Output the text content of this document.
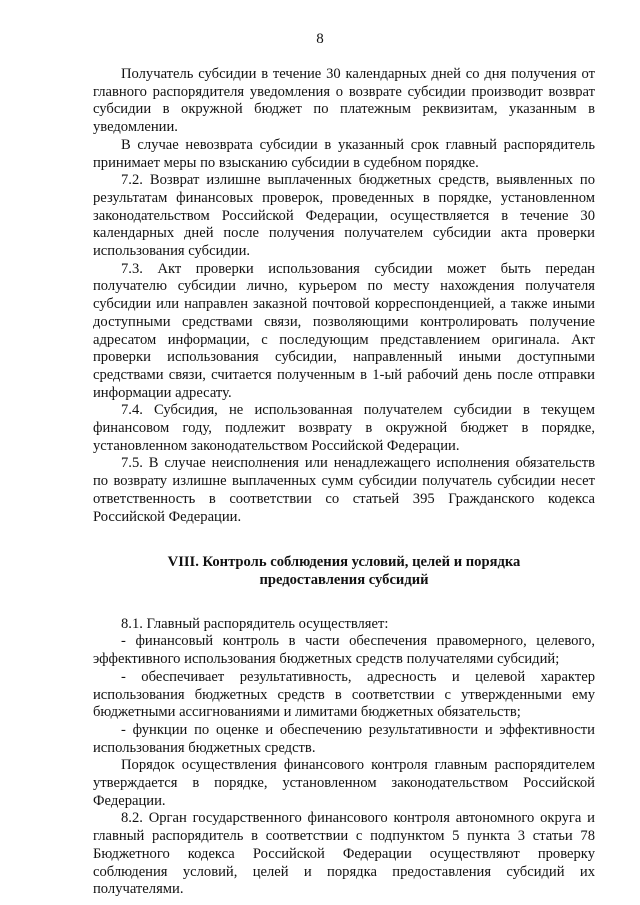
8

Получатель субсидии в течение 30 календарных дней со дня получения от главного распорядителя уведомления о возврате субсидии производит возврат субсидии в окружной бюджет по платежным реквизитам, указанным в уведомлении.

В случае невозврата субсидии в указанный срок главный распорядитель принимает меры по взысканию субсидии в судебном порядке.

7.2. Возврат излишне выплаченных бюджетных средств, выявленных по результатам финансовых проверок, проведенных в порядке, установленном законодательством Российской Федерации, осуществляется в течение 30 календарных дней после получения получателем субсидии акта проверки использования субсидии.

7.3. Акт проверки использования субсидии может быть передан получателю субсидии лично, курьером по месту нахождения получателя субсидии или направлен заказной почтовой корреспонденцией, а также иными доступными средствами связи, позволяющими контролировать получение адресатом информации, с последующим представлением оригинала. Акт проверки использования субсидии, направленный иными доступными средствами связи, считается полученным в 1-ый рабочий день после отправки информации адресату.

7.4. Субсидия, не использованная получателем субсидии в текущем финансовом году, подлежит возврату в окружной бюджет в порядке, установленном законодательством Российской Федерации.

7.5. В случае неисполнения или ненадлежащего исполнения обязательств по возврату излишне выплаченных сумм субсидии получатель субсидии несет ответственность в соответствии со статьей 395 Гражданского кодекса Российской Федерации.

VIII. Контроль соблюдения условий, целей и порядка
предоставления субсидий

8.1. Главный распорядитель осуществляет:

- финансовый контроль в части обеспечения правомерного, целевого, эффективного использования бюджетных средств получателями субсидий;

- обеспечивает результативность, адресность и целевой характер использования бюджетных средств в соответствии с утвержденными ему бюджетными ассигнованиями и лимитами бюджетных обязательств;

- функции по оценке и обеспечению результативности и эффективности использования бюджетных средств.

Порядок осуществления финансового контроля главным распорядителем утверждается в порядке, установленном законодательством Российской Федерации.

8.2. Орган государственного финансового контроля автономного округа и главный распорядитель в соответствии с подпунктом 5 пункта 3 статьи 78 Бюджетного кодекса Российской Федерации осуществляют проверку соблюдения условий, целей и порядка предоставления субсидий их получателями.
